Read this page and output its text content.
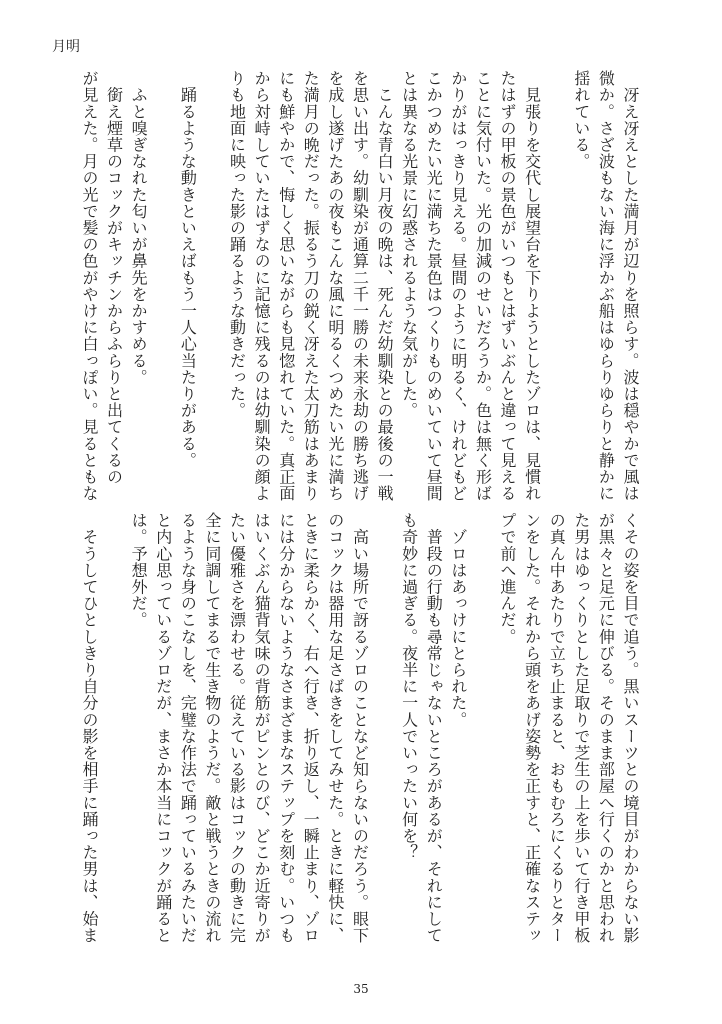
月明
　冴え冴えとした満月が辺りを照らす。波は穏やかで風は
微か。さざ波もない海に浮かぶ船はゆらりゆらりと静かに
揺れている。

　見張りを交代し展望台を下りようとしたゾロは、見慣れ
たはずの甲板の景色がいつもとはずいぶんと違って見える
ことに気付いた。光の加減のせいだろうか。色は無く形ば
かりがはっきり見える。昼間のように明るく、けれどもど
こかつめたい光に満ちた景色はつくりものめいていて昼間
とは異なる光景に幻惑されるような気がした。
　こんな青白い月夜の晩は、死んだ幼馴染との最後の一戦
を思い出す。幼馴染が通算二千一勝の未来永劫の勝ち逃げ
を成し遂げたあの夜もこんな風に明るくつめたい光に満ち
た満月の晩だった。振るう刀の鋭く冴えた太刀筋はあまり
にも鮮やかで、悔しく思いながらも見惚れていた。真正面
から対峙していたはずなのに記憶に残るのは幼馴染の顔よ
りも地面に映った影の踊るような動きだった。

　踊るような動きといえばもう一人心当たりがある。

　ふと嗅ぎなれた匂いが鼻先をかすめる。
　銜え煙草のコックがキッチンからふらりと出てくるの
が見えた。月の光で髪の色がやけに白っぽい。見るともな
くその姿を目で追う。黒いスーツとの境目がわからない影
が黒々と足元に伸びる。そのまま部屋へ行くのかと思われ
た男はゆっくりとした足取りで芝生の上を歩いて行き甲板
の真ん中あたりで立ち止まると、おもむろにくるりとター
ンをした。それから頭をあげ姿勢を正すと、正確なステッ
プで前へ進んだ。

　ゾロはあっけにとられた。
　普段の行動も尋常じゃないところがあるが、それにして
も奇妙に過ぎる。夜半に一人でいったい何を？

　高い場所で訝るゾロのことなど知らないのだろう。眼下
のコックは器用な足さばきをしてみせた。ときに軽快に、
ときに柔らかく、右へ行き、折り返し、一瞬止まり、ゾロ
には分からないようなさまざまなステップを刻む。いつも
はいくぶん猫背気味の背筋がピンとのび、どこか近寄りが
たい優雅さを漂わせる。従えている影はコックの動きに完
全に同調してまるで生き物のようだ。敵と戦うときの流れ
るような身のこなしを、完璧な作法で踊っているみたいだ
と内心思っているゾロだが、まさか本当にコックが踊ると
は。予想外だ。

　そうしてひとしきり自分の影を相手に踊った男は、始ま
35
